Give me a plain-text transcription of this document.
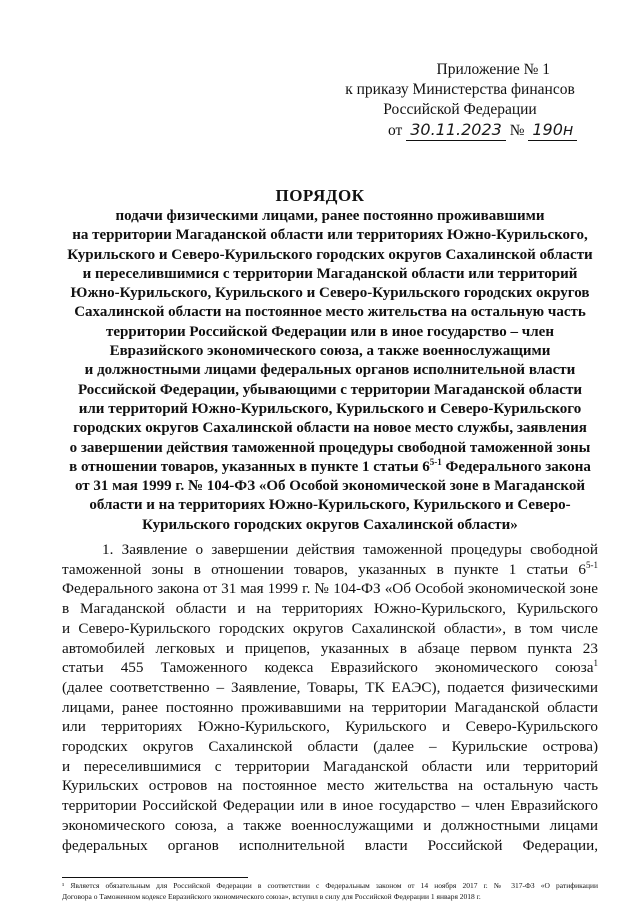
Приложение № 1
к приказу Министерства финансов
Российской Федерации
от 30.11.2023 № 190н
ПОРЯДОК
подачи физическими лицами, ранее постоянно проживавшими
на территории Магаданской области или территориях Южно-Курильского,
Курильского и Северо-Курильского городских округов Сахалинской области
и переселившимися с территории Магаданской области или территорий
Южно-Курильского, Курильского и Северо-Курильского городских округов
Сахалинской области на постоянное место жительства на остальную часть
территории Российской Федерации или в иное государство – член
Евразийского экономического союза, а также военнослужащими
и должностными лицами федеральных органов исполнительной власти
Российской Федерации, убывающими с территории Магаданской области
или территорий Южно-Курильского, Курильского и Северо-Курильского
городских округов Сахалинской области на новое место службы, заявления
о завершении действия таможенной процедуры свободной таможенной зоны
в отношении товаров, указанных в пункте 1 статьи 6$^{5-1}$ Федерального закона
от 31 мая 1999 г. № 104-ФЗ «Об Особой экономической зоне в Магаданской
области и на территориях Южно-Курильского, Курильского и Северо-
Курильского городских округов Сахалинской области»
1. Заявление о завершении действия таможенной процедуры свободной
таможенной зоны в отношении товаров, указанных в пункте 1 статьи 6$^{5-1}$
Федерального закона от 31 мая 1999 г. № 104-ФЗ «Об Особой экономической зоне
в Магаданской области и на территориях Южно-Курильского, Курильского
и Северо-Курильского городских округов Сахалинской области», в том числе
автомобилей легковых и прицепов, указанных в абзаце первом пункта 23
статьи 455 Таможенного кодекса Евразийского экономического союза$^1$
(далее соответственно – Заявление, Товары, ТК ЕАЭС), подается физическими
лицами, ранее постоянно проживавшими на территории Магаданской области
или территориях Южно-Курильского, Курильского и Северо-Курильского
городских округов Сахалинской области (далее – Курильские острова)
и переселившимися с территории Магаданской области или территорий
Курильских островов на постоянное место жительства на остальную часть
территории Российской Федерации или в иное государство – член Евразийского
экономического союза, а также военнослужащими и должностными лицами
федеральных органов исполнительной власти Российской Федерации,
¹ Является обязательным для Российской Федерации в соответствии с Федеральным законом от 14 ноября 2017 г. № 317-ФЗ «О ратификации
Договора о Таможенном кодексе Евразийского экономического союза», вступил в силу для Российской Федерации 1 января 2018 г.
